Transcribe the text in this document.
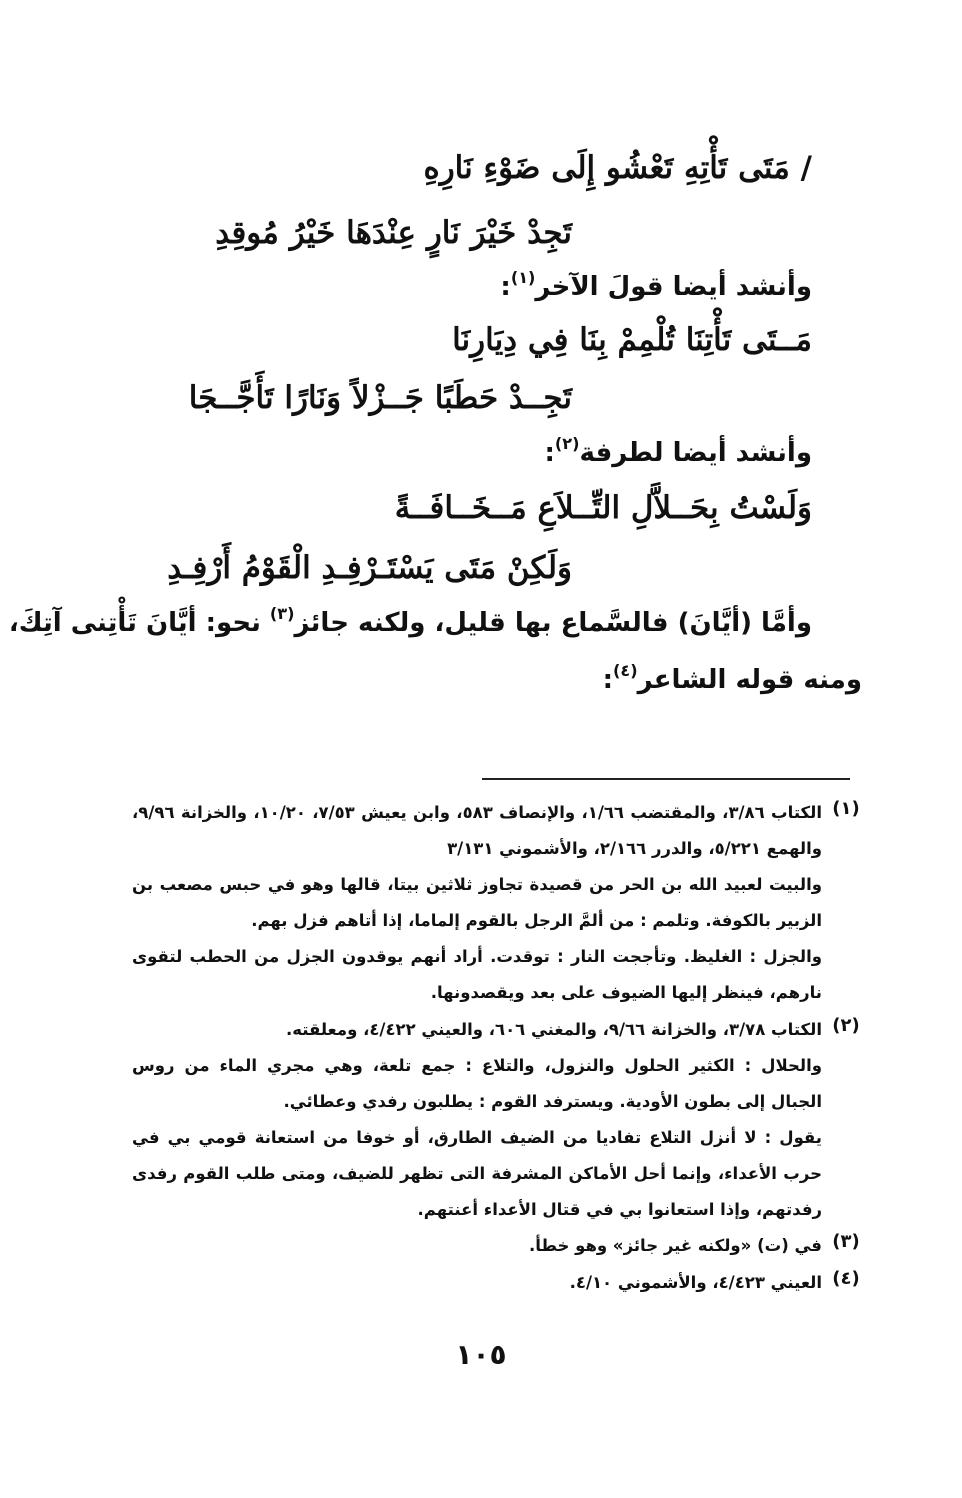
/ مَتَى تَأْتِهِ تَعْشُو إِلَى ضَوْءِ نَارِهِ
تَجِدْ خَيْرَ نَارٍ عِنْدَهَا خَيْرُ مُوقِدِ
وأنشد أيضا قولَ الآخر$^{(١)}$:
مَــتَى تَأْتِنَا تُلْمِمْ بِنَا فِي دِيَارِنَا
تَجِــدْ حَطَبًا جَــزْلاً وَنَارًا تَأَجَّــجَا
وأنشد أيضا لطرفة$^{(٢)}$:
وَلَسْتُ بِحَــلاَّلِ التِّــلاَعِ مَــخَــافَــةً
وَلَكِنْ مَتَى يَسْتَـرْفِـدِ الْقَوْمُ أَرْفِـدِ
وأمَّا (أيَّانَ) فالسَّماع بها قليل، ولكنه جائز$^{(٣)}$ نحو: أيَّانَ تَأْتِنى آتِكَ،
ومنه قوله الشاعر$^{(٤)}$:
(١)
الكتاب ٣/٨٦، والمقتضب ١/٦٦، والإنصاف ٥٨٣، وابن يعيش ٧/٥٣، ١٠/٢٠، والخزانة ٩/٩٦، والهمع ٥/٢٢١، والدرر ٢/١٦٦، والأشموني ٣/١٣١
والبيت لعبيد الله بن الحر من قصيدة تجاوز ثلاثين بيتا، قالها وهو في حبس مصعب بن الزبير بالكوفة. وتلمم : من ألمَّ الرجل بالقوم إلماما، إذا أتاهم فزل بهم.
والجزل : الغليظ. وتأججت النار : توقدت. أراد أنهم يوقدون الجزل من الحطب لتقوى نارهم، فينظر إليها الضيوف على بعد ويقصدونها.
(٢)
الكتاب ٣/٧٨، والخزانة ٩/٦٦، والمغني ٦٠٦، والعيني ٤/٤٢٢، ومعلقته.
والحلال : الكثير الحلول والنزول، والتلاع : جمع تلعة، وهي مجري الماء من روس الجبال إلى بطون الأودية. ويسترفد القوم : يطلبون رفدي وعطائي.
يقول : لا أنزل التلاع تفاديا من الضيف الطارق، أو خوفا من استعانة قومي بي في حرب الأعداء، وإنما أحل الأماكن المشرفة التى تظهر للضيف، ومتى طلب القوم رفدى رفدتهم، وإذا استعانوا بي في قتال الأعداء أعنتهم.
(٣)
في (ت) «ولكنه غير جائز» وهو خطأ.
(٤)
العيني ٤/٤٢٣، والأشموني ٤/١٠.
١٠٥
